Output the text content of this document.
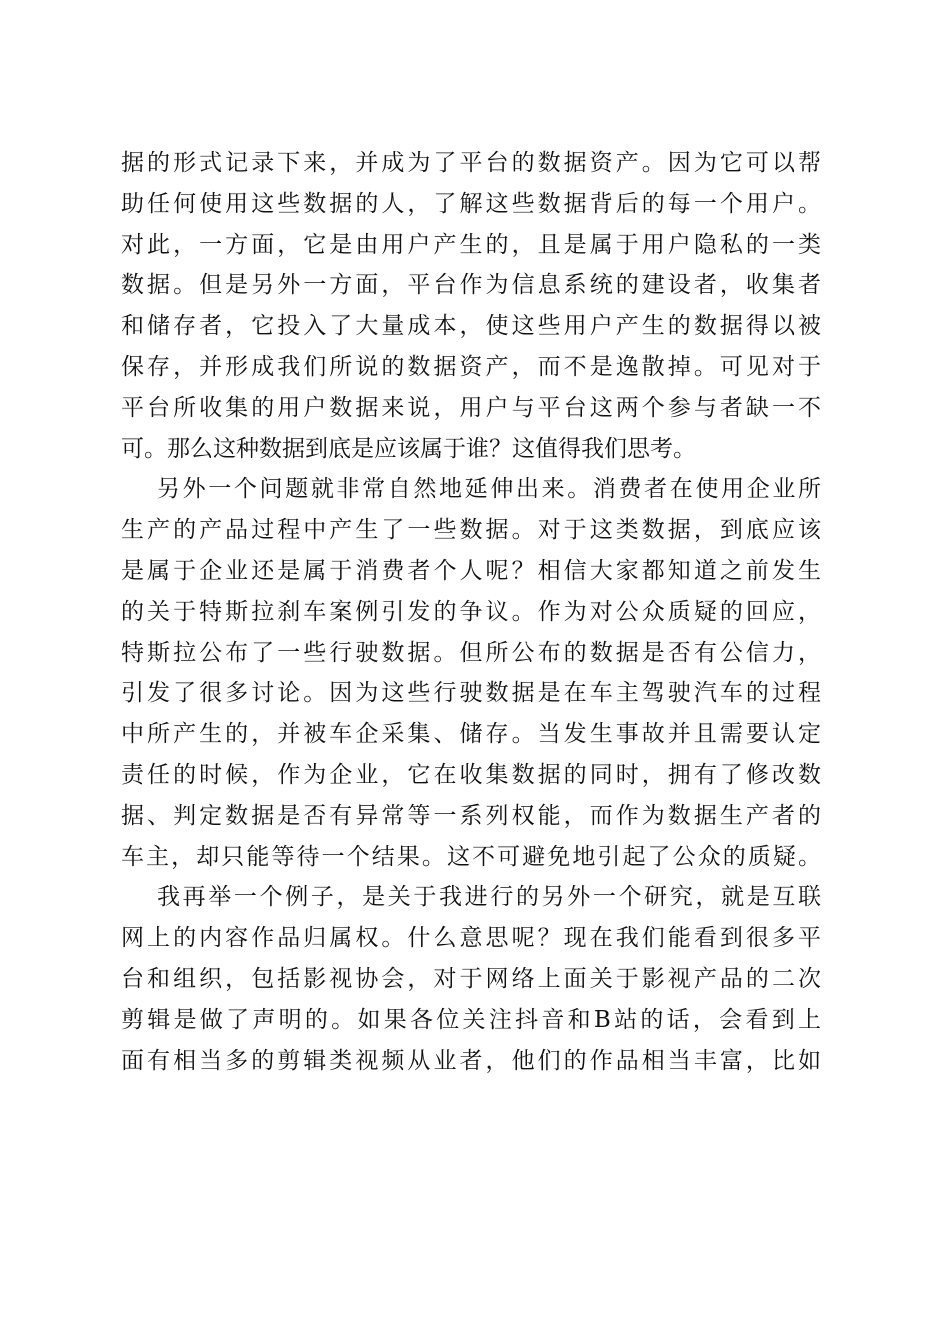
据的形式记录下来，并成为了平台的数据资产。因为它可以帮
助任何使用这些数据的人，了解这些数据背后的每一个用户。
对此，一方面，它是由用户产生的，且是属于用户隐私的一类
数据。但是另外一方面，平台作为信息系统的建设者，收集者
和储存者，它投入了大量成本，使这些用户产生的数据得以被
保存，并形成我们所说的数据资产，而不是逸散掉。可见对于
平台所收集的用户数据来说，用户与平台这两个参与者缺一不
可。那么这种数据到底是应该属于谁？这值得我们思考。
另外一个问题就非常自然地延伸出来。消费者在使用企业所
生产的产品过程中产生了一些数据。对于这类数据，到底应该
是属于企业还是属于消费者个人呢？相信大家都知道之前发生
的关于特斯拉刹车案例引发的争议。作为对公众质疑的回应，
特斯拉公布了一些行驶数据。但所公布的数据是否有公信力，
引发了很多讨论。因为这些行驶数据是在车主驾驶汽车的过程
中所产生的，并被车企采集、储存。当发生事故并且需要认定
责任的时候，作为企业，它在收集数据的同时，拥有了修改数
据、判定数据是否有异常等一系列权能，而作为数据生产者的
车主，却只能等待一个结果。这不可避免地引起了公众的质疑。
我再举一个例子，是关于我进行的另外一个研究，就是互联
网上的内容作品归属权。什么意思呢？现在我们能看到很多平
台和组织，包括影视协会，对于网络上面关于影视产品的二次
剪辑是做了声明的。如果各位关注抖音和B站的话，会看到上
面有相当多的剪辑类视频从业者，他们的作品相当丰富，比如
